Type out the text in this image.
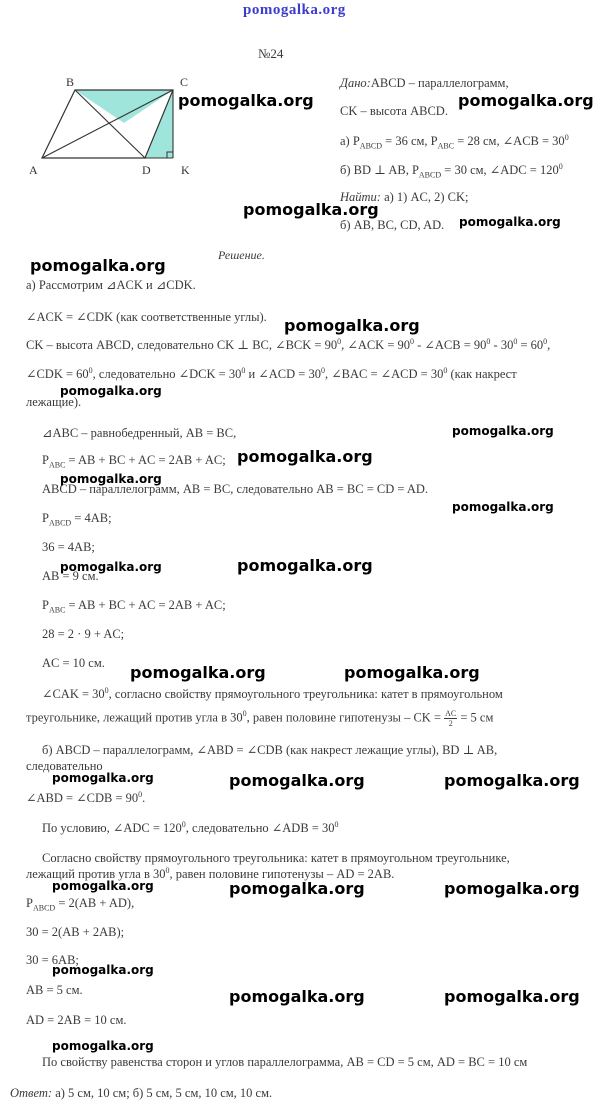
pomogalka.org
№24
A
B	C
D	K
Дано:ABCD – параллелограмм,
CK – высота ABCD.
а) $P_{ABCD} = 36$ см, $P_{ABC} = 28$ см, ∠ACB = $30^0$
б) BD ⊥ AB, $P_{ABCD} = 30$ см, ∠ADC = $120^0$
Найти: а) 1) AC, 2) CK;
б) AB, BC, CD, AD.
Решение.
а) Рассмотрим ⊿ACK и ⊿CDK.
∠ACK = ∠CDK (как соответственные углы).
CK – высота ABCD, следовательно CK ⊥ BC, ∠BCK = $90^0$, ∠ACK = $90^0$ - ∠ACB = $90^0 - 30^0 = 60^0$,
∠CDK = $60^0$, следовательно ∠DCK = $30^0$ и ∠ACD = $30^0$, ∠BAC = ∠ACD = $30^0$ (как накрест
лежащие).
⊿ABC – равнобедренный, AB = BC,
$P_{ABC}$ = AB + BC + AC = 2AB + AC;
ABCD – параллелограмм, AB = BC, следовательно AB = BC = CD = AD.
$P_{ABCD} = 4AB$;
36 = 4AB;
AB = 9 см.
$P_{ABC}$ = AB + BC + AC = 2AB + AC;
28 = 2 · 9 + AC;
AC = 10 см.
∠CAK = $30^0$, согласно свойству прямоугольного треугольника: катет в прямоугольном
треугольнике, лежащий против угла в $30^0$, равен половине гипотенузы – CK = $\frac{AC}{2} = 5$ см
б) ABCD – параллелограмм, ∠ABD = ∠CDB (как накрест лежащие углы), BD ⊥ AB,
следовательно
∠ABD = ∠CDB = $90^0$.
По условию, ∠ADC = $120^0$, следовательно ∠ADB = $30^0$
Согласно свойству прямоугольного треугольника: катет в прямоугольном треугольнике,
лежащий против угла в $30^0$, равен половине гипотенузы – AD = 2AB.
$P_{ABCD} = 2(AB + AD)$,
30 = 2(AB + 2AB);
30 = 6AB;
AB = 5 см.
AD = 2AB = 10 см.
По свойству равенства сторон и углов параллелограмма, AB = CD = 5 см, AD = BC = 10 см
Ответ: а) 5 см, 10 см; б) 5 см, 5 см, 10 см, 10 см.
pomogalka.org	pomogalka.org
pomogalka.org
pomogalka.org
pomogalka.org
pomogalka.org
pomogalka.org
pomogalka.org
pomogalka.org
pomogalka.org
pomogalka.org
pomogalka.org	pomogalka.org
pomogalka.org	pomogalka.org
pomogalka.org	pomogalka.org	pomogalka.org
pomogalka.org	pomogalka.org	pomogalka.org
pomogalka.org
pomogalka.org	pomogalka.org
pomogalka.org
